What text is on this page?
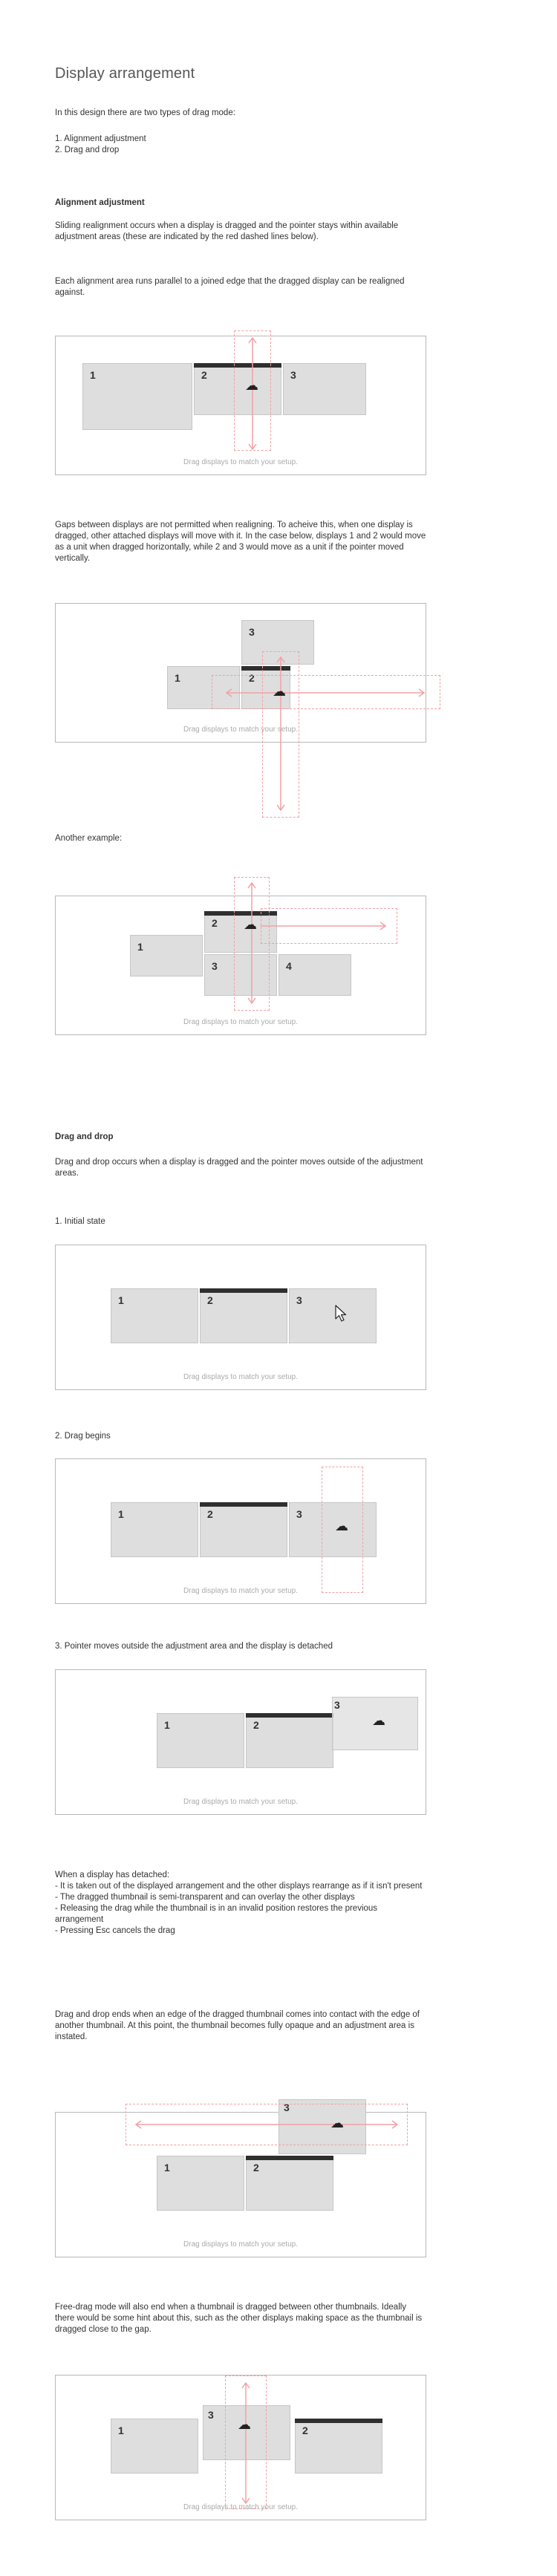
Display arrangement
In this design there are two types of drag mode:
1. Alignment adjustment
2. Drag and drop
Alignment adjustment
Sliding realignment occurs when a display is dragged and the pointer stays within available adjustment areas (these are indicated by the red dashed lines below).
Each alignment area runs parallel to a joined edge that the dragged display can be realigned against.
1	2	3
☁
Drag displays to match your setup.
Gaps between displays are not permitted when realigning. To acheive this, when one display is dragged, other attached displays will move with it. In the case below, displays 1 and 2 would move as a unit when dragged horizontally, while 2 and 3 would move as a unit if the pointer moved vertically.
3
1	2
☁
Drag displays to match your setup.
Another example:
1
2
3	4
☁
Drag displays to match your setup.
Drag and drop
Drag and drop occurs when a display is dragged and the pointer moves outside of the adjustment areas.
1. Initial state
1	2	3
Drag displays to match your setup.
2. Drag begins
1	2	3
☁
Drag displays to match your setup.
3. Pointer moves outside the adjustment area and the display is detached
1	2
3
☁
Drag displays to match your setup.

When a display has detached:

- It is taken out of the displayed arrangement and the other displays rearrange as if it isn't present

- The dragged thumbnail is semi-transparent and can overlay the other displays

- Releasing the drag while the thumbnail is in an invalid position restores the previous arrangement

- Pressing Esc cancels the drag

Drag and drop ends when an edge of the dragged thumbnail comes into contact with the edge of another thumbnail. At this point, the thumbnail becomes fully opaque and an adjustment area is instated.
1	2
3
☁
Drag displays to match your setup.
Free-drag mode will also end when a thumbnail is dragged between other thumbnails. Ideally there would be some hint about this, such as the other displays making space as the thumbnail is dragged close to the gap.
1
3
2
☁
Drag displays to match your setup.
